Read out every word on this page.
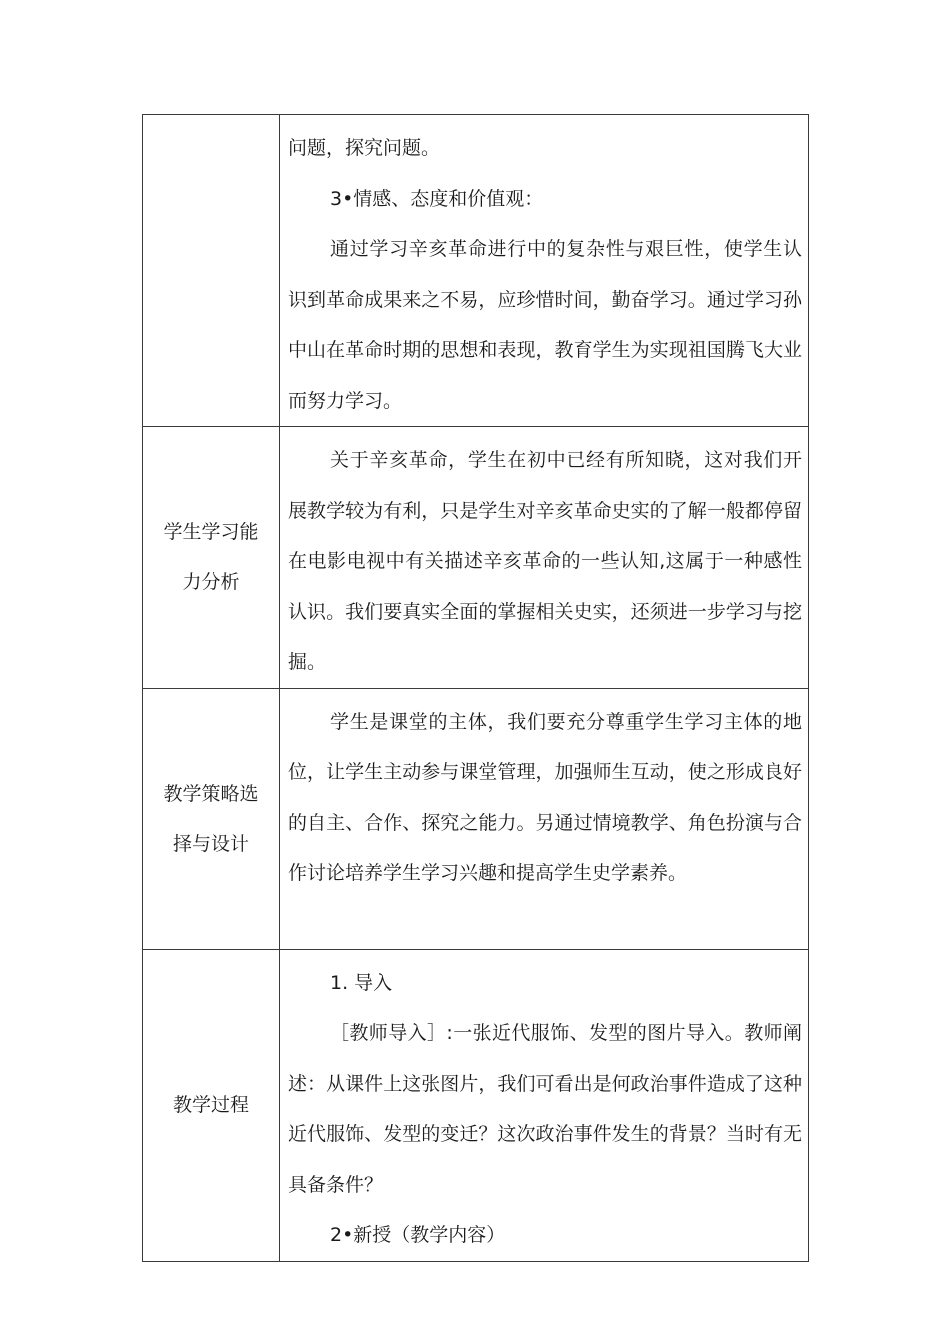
	问题，探究问题。

3•情感、态度和价值观：

通过学习辛亥革命进行中的复杂性与艰巨性，使学生认识到革命成果来之不易，应珍惜时间，勤奋学习。通过学习孙中山在革命时期的思想和表现，教育学生为实现祖国腾飞大业而努力学习。

学生学习能力分析	关于辛亥革命，学生在初中已经有所知晓，这对我们开展教学较为有利，只是学生对辛亥革命史实的了解一般都停留在电影电视中有关描述辛亥革命的一些认知,这属于一种感性认识。我们要真实全面的掌握相关史实，还须进一步学习与挖掘。

教学策略选择与设计	学生是课堂的主体，我们要充分尊重学生学习主体的地位，让学生主动参与课堂管理，加强师生互动，使之形成良好的自主、合作、探究之能力。另通过情境教学、角色扮演与合作讨论培养学生学习兴趣和提高学生史学素养。

教学过程	1. 导入

［教师导入］:一张近代服饰、发型的图片导入。教师阐述：从课件上这张图片，我们可看出是何政治事件造成了这种近代服饰、发型的变迁？这次政治事件发生的背景？当时有无具备条件？

2•新授（教学内容）
